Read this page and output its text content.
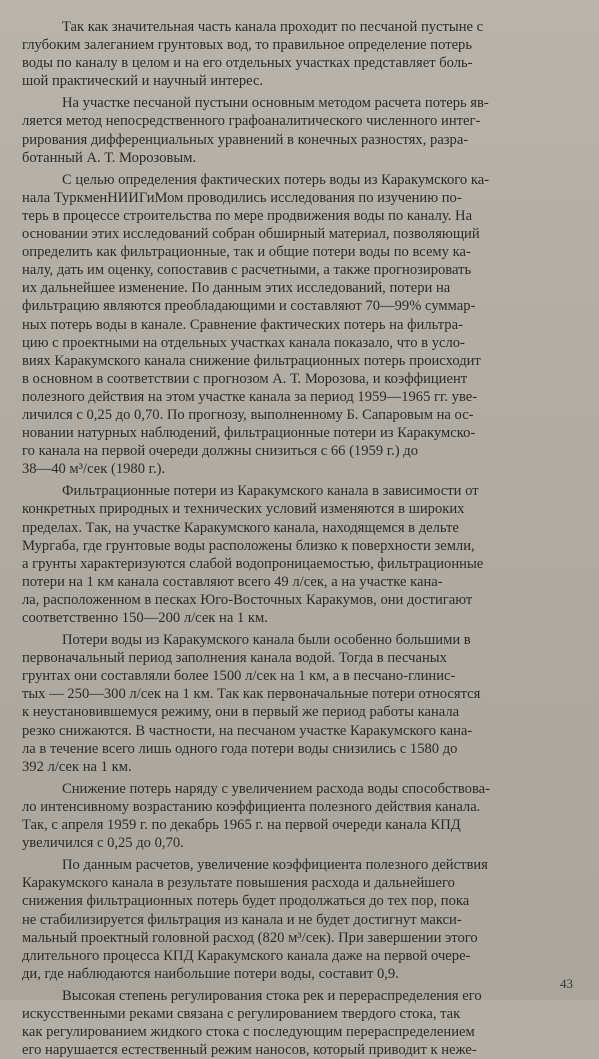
Так как значительная часть канала проходит по песчаной пустыне с
глубоким залеганием грунтовых вод, то правильное определение потерь
воды по каналу в целом и на его отдельных участках представляет боль-
шой практический и научный интерес.

На участке песчаной пустыни основным методом расчета потерь яв-
ляется метод непосредственного графоаналитического численного интег-
рирования дифференциальных уравнений в конечных разностях, разра-
ботанный А. Т. Морозовым.

С целью определения фактических потерь воды из Каракумского ка-
нала ТуркменНИИГиМом проводились исследования по изучению по-
терь в процессе строительства по мере продвижения воды по каналу. На
основании этих исследований собран обширный материал, позволяющий
определить как фильтрационные, так и общие потери воды по всему ка-
налу, дать им оценку, сопоставив с расчетными, а также прогнозировать
их дальнейшее изменение. По данным этих исследований, потери на
фильтрацию являются преобладающими и составляют 70—99% суммар-
ных потерь воды в канале. Сравнение фактических потерь на фильтра-
цию с проектными на отдельных участках канала показало, что в усло-
виях Каракумского канала снижение фильтрационных потерь происходит
в основном в соответствии с прогнозом А. Т. Морозова, и коэффициент
полезного действия на этом участке канала за период 1959—1965 гг. уве-
личился с 0,25 до 0,70. По прогнозу, выполненному Б. Сапаровым на ос-
новании натурных наблюдений, фильтрационные потери из Каракумско-
го канала на первой очереди должны снизиться с 66 (1959 г.) до
38—40 м³/сек (1980 г.).

Фильтрационные потери из Каракумского канала в зависимости от
конкретных природных и технических условий изменяются в широких
пределах. Так, на участке Каракумского канала, находящемся в дельте
Мургаба, где грунтовые воды расположены близко к поверхности земли,
а грунты характеризуются слабой водопроницаемостью, фильтрационные
потери на 1 км канала составляют всего 49 л/сек, а на участке кана-
ла, расположенном в песках Юго-Восточных Каракумов, они достигают
соответственно 150—200 л/сек на 1 км.

Потери воды из Каракумского канала были особенно большими в
первоначальный период заполнения канала водой. Тогда в песчаных
грунтах они составляли более 1500 л/сек на 1 км, а в песчано-глинис-
тых — 250—300 л/сек на 1 км. Так как первоначальные потери относятся
к неустановившемуся режиму, они в первый же период работы канала
резко снижаются. В частности, на песчаном участке Каракумского кана-
ла в течение всего лишь одного года потери воды снизились с 1580 до
392 л/сек на 1 км.

Снижение потерь наряду с увеличением расхода воды способствова-
ло интенсивному возрастанию коэффициента полезного действия канала.
Так, с апреля 1959 г. по декабрь 1965 г. на первой очереди канала КПД
увеличился с 0,25 до 0,70.

По данным расчетов, увеличение коэффициента полезного действия
Каракумского канала в результате повышения расхода и дальнейшего
снижения фильтрационных потерь будет продолжаться до тех пор, пока
не стабилизируется фильтрация из канала и не будет достигнут макси-
мальный проектный головной расход (820 м³/сек). При завершении этого
длительного процесса КПД Каракумского канала даже на первой очере-
ди, где наблюдаются наибольшие потери воды, составит 0,9.

Высокая степень регулирования стока рек и перераспределения его
искусственными реками связана с регулированием твердого стока, так
как регулированием жидкого стока с последующим перераспределением
его нарушается естественный режим наносов, который приводит к неже-

43
